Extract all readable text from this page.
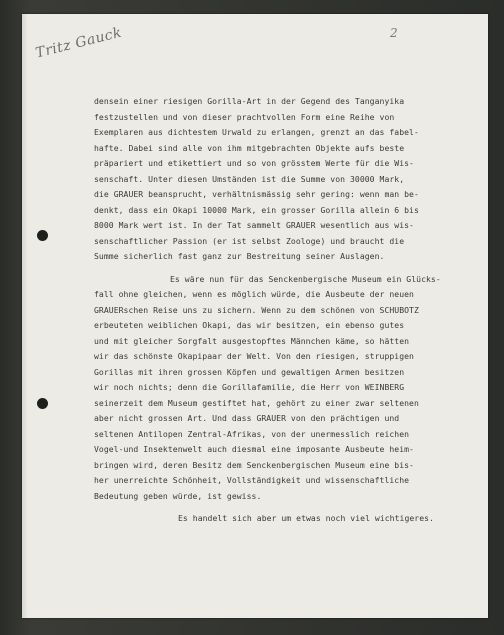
Tritz Gauck	2
densein einer riesigen Gorilla-Art in der Gegend des Tanganyika
festzustellen und von dieser prachtvollen Form eine Reihe von
Exemplaren aus dichtestem Urwald zu erlangen, grenzt an das fabel-
hafte. Dabei sind alle von ihm mitgebrachten Objekte aufs beste
präpariert und etikettiert und so von grösstem Werte für die Wis-
senschaft. Unter diesen Umständen ist die Summe von 30000 Mark,
die GRAUER beansprucht, verhältnismässig sehr gering: wenn man be-
denkt, dass ein Okapi 10000 Mark, ein grosser Gorilla allein 6 bis
8000 Mark wert ist. In der Tat sammelt GRAUER wesentlich aus wis-
senschaftlicher Passion (er ist selbst Zoologe) und braucht die
Summe sicherlich fast ganz zur Bestreitung seiner Auslagen.
Es wäre nun für das Senckenbergische Museum ein Glücks-
fall ohne gleichen, wenn es möglich würde, die Ausbeute der neuen
GRAUERschen Reise uns zu sichern. Wenn zu dem schönen von SCHUBOTZ
erbeuteten weiblichen Okapi, das wir besitzen, ein ebenso gutes
und mit gleicher Sorgfalt ausgestopftes Männchen käme, so hätten
wir das schönste Okapipaar der Welt. Von den riesigen, struppigen
Gorillas mit ihren grossen Köpfen und gewaltigen Armen besitzen
wir noch nichts; denn die Gorillafamilie, die Herr von WEINBERG
seinerzeit dem Museum gestiftet hat, gehört zu einer zwar seltenen
aber nicht grossen Art. Und dass GRAUER von den prächtigen und
seltenen Antilopen Zentral-Afrikas, von der unermesslich reichen
Vogel-und Insektenwelt auch diesmal eine imposante Ausbeute heim-
bringen wird, deren Besitz dem Senckenbergischen Museum eine bis-
her unerreichte Schönheit, Vollständigkeit und wissenschaftliche
Bedeutung geben würde, ist gewiss.
Es handelt sich aber um etwas noch viel wichtigeres.
